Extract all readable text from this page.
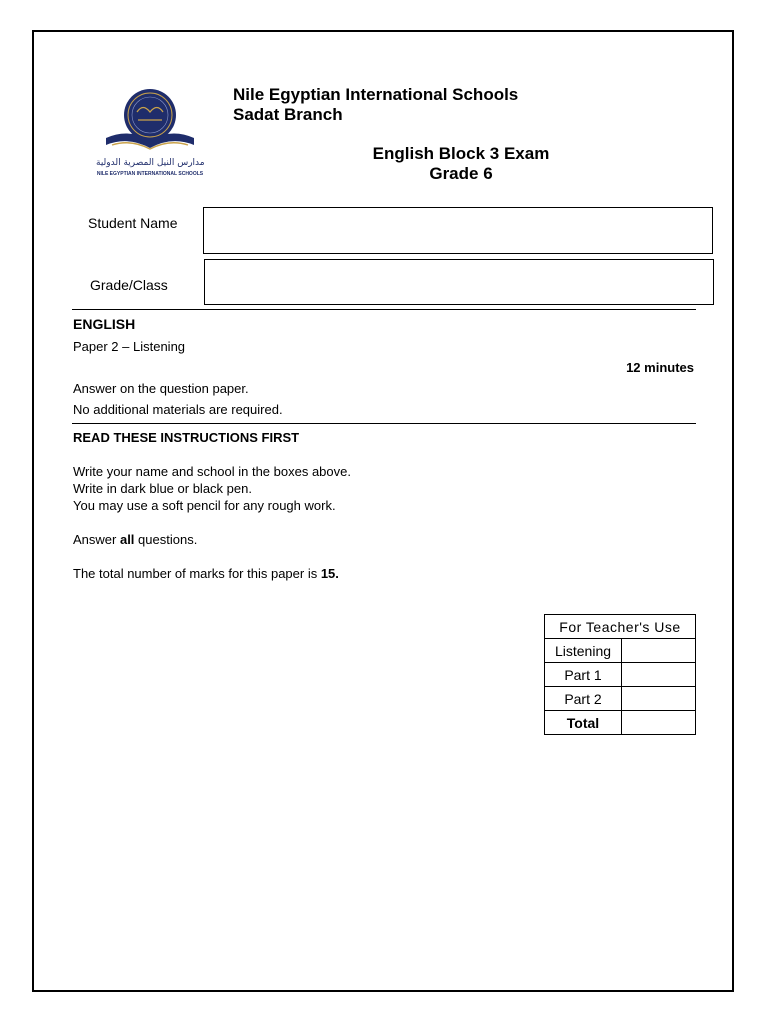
مدارس النيل المصرية الدولية
NILE EGYPTIAN INTERNATIONAL SCHOOLS
Nile Egyptian International Schools
Sadat Branch
English Block 3 Exam
Grade 6
Student Name
Grade/Class
ENGLISH
Paper 2 – Listening
12 minutes
Answer on the question paper.
No additional materials are required.
READ THESE INSTRUCTIONS FIRST
Write your name and school in the boxes above.
Write in dark blue or black pen.
You may use a soft pencil for any rough work.
Answer all questions.
The total number of marks for this paper is 15.
For Teacher's Use	
Listening	
Part 1	
Part 2	
Total	
